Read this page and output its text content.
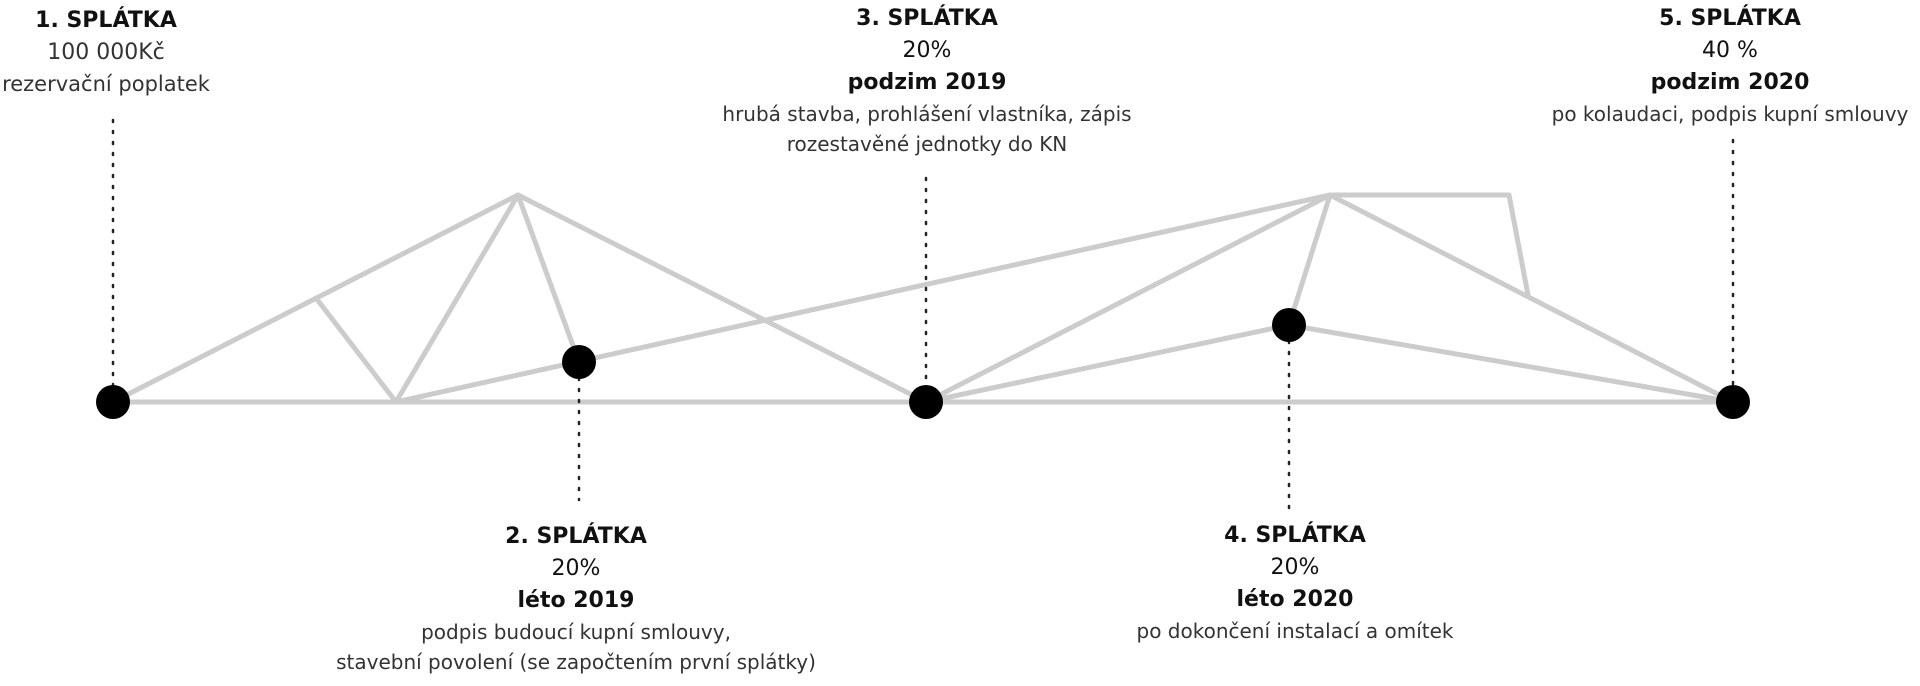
1. SPLÁTKA
100 000Kč
rezervační poplatek
2. SPLÁTKA
20%
léto 2019
podpis budoucí kupní smlouvy,
stavební povolení (se započtením první splátky)
3. SPLÁTKA
20%
podzim 2019
hrubá stavba, prohlášení vlastníka, zápis
rozestavěné jednotky do KN
4. SPLÁTKA
20%
léto 2020
po dokončení instalací a omítek
5. SPLÁTKA
40 %
podzim 2020
po kolaudaci, podpis kupní smlouvy
